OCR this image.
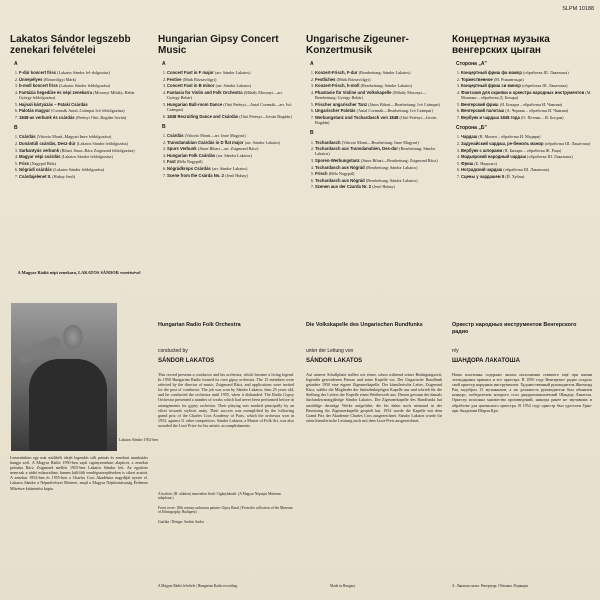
SLPM 10188
Lakatos Sándor legszebb zenekari felvételei
A
1. F-dúr koncert friss (Lakatos Sándor fel-dolgozása)
2. Ünnepélyes (Rónavölgyi Márk)
3. b-moll koncert friss (Lakatos Sándor feldolgozása)
4. Fantázia hegedűre és népi zenekarra (Mosonyi Mihály–Behár György feldolgozása)
5. Hajnali kártyázás – Pataki Csárdás
6. Palotás magyar (Csermák Antal–Csámpai Ivó feldolgozása)
7. 1848-as verbunk és csárdás (Petényi Ottó–Bogdán István)
B
1. Csárdás (Vittorio Monti–Magyari Imre feldolgozása)
2. Dunántúli csárdás, Desz-dúr (Lakatos Sándor feldolgozása)
3. Sarkantyús verbunk (Bihari János–Rácz Zsigmond feldolgozása)
4. Magyar népi csárdás (Lakatos Sándor feldolgozása)
5. Friss (Nagypál Béla)
6. Nógrádi csárdás (Lakatos Sándor feldolgozása)
7. Csárdajelenet II. (Hubay Jenő)
Hungarian Gipsy Concert Music
A
1. Concert Fast in F major (arr. Sándor Lakatos)
2. Festive (Márk Rózsavölgyi)
3. Concert Fast in B minor (arr. Sándor Lakatos)
4. Fantasia for Violin and Folk Orchestra (Mihály Mosonyi—arr. György Behár)
5. Hungarian Ball-room Dance (Ottó Petényi—Antal Csermák—arr. Ivó Csámpai)
6. 1848 Recruiting Dance and Csárdás (Ottó Petényi—István Bogdán)
B
1. Csárdás (Vittorio Monti—arr. Imre Magyari)
2. Transdanubian Csárdás in D flat major (arr. Sándor Lakatos)
3. Spurs Verbunk (János Bihari—arr. Zsigmond Rácz)
4. Hungarian Folk Csárdás (arr. Sándor Lakatos)
5. Fast (Béla Nagypál)
6. Nógrádkrops Csárdás (arr. Sándor Lakatos)
7. Scene from the Csárda No. 2 (Jenő Hubay)
Ungarische Zigeuner-Konzertmusik
A
1. Konzert-Frisch, F-dur (Bearbeitung: Sándor Lakatos)
2. Festliches (Márk Rózsavölgyi)
3. Konzert-Frisch, h-moll (Bearbeitung: Sándor Lakatos)
4. Phantasie für Violine und Volkskapelle (Mihály Mosonyi—Bearbeitung: György Behár)
5. Frischer ungarischer Tanz (János Bihari—Bearbeitung: Ivó Csámpai)
6. Ungarischer Palotás (Antal Csermák—Bearbeitung: Ivó Csámpai)
7. Werbungstanz und Tschardasch von 1848 (Ottó Petényi—István Bogdán)
B
1. Tschardasch (Vittorio Monti—Bearbeitung: Imre Magyari)
2. Tschardasch aus Transdanubien, Des-dur (Bearbeitung: Sándor Lakatos)
3. Sporen-Werbungstanz (János Bihari—Bearbeitung: Zsigmond Rácz)
4. Tschardasch aus Nógrád (Bearbeitung: Sándor Lakatos)
5. Frisch (Béla Nagypál)
6. Tschardasch aus Nógrád (Bearbeitung: Sándor Lakatos)
7. Szenen aus der Czarda Nr. 2 (Jenő Hubay)
Концертная музыка венгерских цыган
Сторона „А"
1. Концертный фриш фа мажор (обработка Ш. Лакатоша)
2. Торжественное (М. Рожавельди)
3. Концертный фриш си минор (обработка Ш. Лакатоша)
4. Фантазия для скрипки и оркестра народных инструментов (М. Мошони – обработка Д. Бехара)
5. Венгерский фриш (Я. Бихари – обработка И. Чампаи)
6. Венгерский палоташ (А. Чермак – обработка И. Чампаи)
7. Вербунк и чардаш 1848 года (О. Петени – И. Богдан)
Сторона „Б"
1. Чардаш (В. Монти – обработка И. Мадяри)
2. Задунайский чардаш, ре-бемоль мажор (обработка Ш. Лакатоша)
3. Вербунк с шпорами (Я. Бихари – обработка Ж. Раца)
4. Мадьярский народный чардаш (обработка Ш. Лакатоша)
5. Фриш (Б. Надьпал)
6. Ноградский чардаш (обработка Ш. Лакатоша)
7. Сцены у чардашем II (Й. Хубаи)
A Magyar Rádió népi zenekara, LAKATOS SÁNDOR vezetésével
Lakatos Sándor 1952-ben
Lemezünkön egy már múltbéli idejét legendás vált prímás és zenekari munkatárs hangja szól. A Magyar Rádió 1950-ben saját cigányzenekart alapított, a zenekar prímása Rácz Zsigmond mellett 1955-ben Lakatos Sándor lett. Az együttes nemcsak a rádió műsoraiban, hanem külföldi vendégszerepléseken is sikert aratott. A zenekar 1952-ben és 1955-ben a Charles Cros Akadémia nagydíját nyerte el. Lakatos Sándor a Népművészet Mestere, majd a Magyar Népköztársaság Érdemes Művésze kitüntetést kapta.
Hungarian Radio Folk Orchestra
conducted by
SÁNDOR LAKATOS
This record presents a conductor and his orchestra, which became a living legend. In 1950 Hungarian Radio formed its own gipsy orchestra. The 15 members were selected by the director of music, Zsigmond Rácz, and applications were invited for the post of conductor. The job was won by Sándor Lakatos, then 25 years old, and he conducted the orchestra until 1955, when it disbanded. The Radio Gypsy Orchestra presented a number of works which had never been performed before in arrangements for gypsy orchestra. Their playing was marked principally by an effort towards stylistic unity. Their success was exemplified by the following grand prix of the Charles Cros Academy of Paris, which the orchestra won in 1952, against 11 other competitors. Sándor Lakatos, a Master of Folk Art, was also awarded the Liszt Prize for his artistic accomplishments.
A borítón: (B. oldalon) ismeretlen festő: Cigányházaló. (A Magyar Néprajzi Múzeum tulajdona.)
Front cover: 18th century unknown painter: Gipsy Band. (From the collection of the Museum of Ethnography, Budapest)
Grafika / Design: András Andor
A Magyar Rádió felvétele | Hungarian Radio recording
Die Volkskapelle des Ungarischen Rundfunks
unter der Leitung von
SÁNDOR LAKATOS
Auf unserer Schallplatte stellen wir einen, schon während seiner Betätigungszeit, legendär gewordenen Primas und seine Kapelle vor. Der Ungarische Rundfunk gründete 1950 eine eigene Zigeunerkapelle. Der künstlerische Leiter, Zsigmond Rácz, wählte die Mitglieder der fünfzehnköpfigen Kapelle aus und schrieb für die Stellung des Leiters der Kapelle einen Wettbewerb aus. Diesen gewann der damals fünfundzwanzigjährige Sándor Lakatos. Die Zigeunerkapelle des Rundfunks hat unzählige derartige Werke aufgeführt, die bis dahin noch niemand in der Besetzung für Zigeunerkapelle gespielt hat. 1952 wurde die Kapelle mit dem Grand Prix der Akademie Charles Cros ausgezeichnet. Sándor Lakatos wurde für seine künstlerische Leistung auch mit dem Liszt-Preis ausgezeichnet.
Made in Hungary
Оркестр народных инструментов Венгерского радио
п/у
ШАНДОРА ЛАКАТОША
Наша пластинка содержит запись исполнения ставшего ещё при жизни легендарным примаса и его оркестра. В 1950 году Венгерское радио создало свой оркестр народных инструментов. Художественный руководитель Жигмонд Рац подобрал 15 музыкантов, а на должность руководителя был объявлен конкурс, победителем которого стал двадцатипятилетний Шандор Лакатош. Оркестр исполнял множество произведений, никогда ранее не звучавших в обработке для цыганского оркестра. В 1952 году оркестр был удостоен Гран-при Академии Шарля Кро.
A. Лакатош плата. Репертуар. Обложка. Редакция.
